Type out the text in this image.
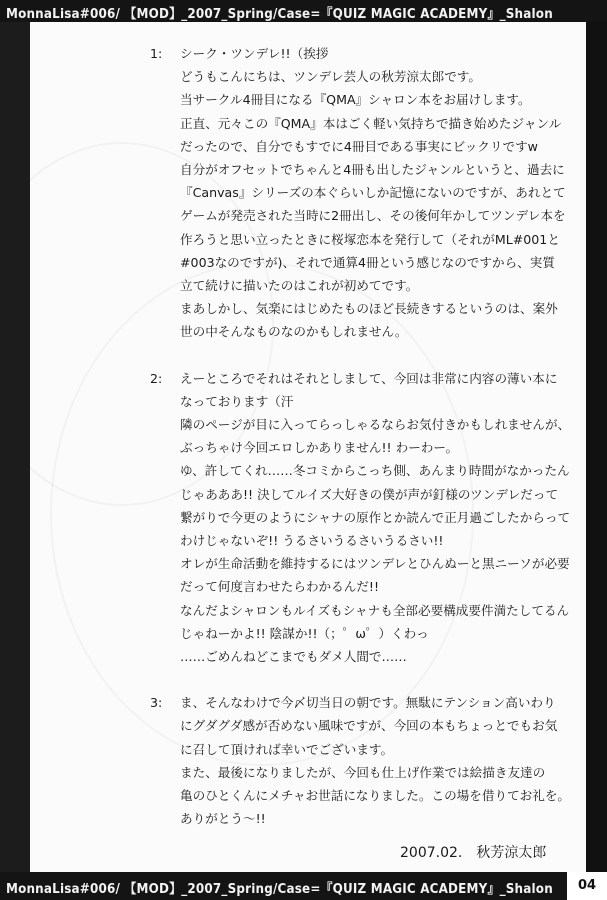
MonnaLisa#006/ 【MOD】_2007_Spring/Case=『QUIZ MAGIC ACADEMY』_Shalon
1:	シーク・ツンデレ!!（挨拶
どうもこんにちは、ツンデレ芸人の秋芳涼太郎です。
当サークル4冊目になる『QMA』シャロン本をお届けします。
正直、元々この『QMA』本はごく軽い気持ちで描き始めたジャンル
だったので、自分でもすでに4冊目である事実にビックリですw
自分がオフセットでちゃんと4冊も出したジャンルというと、過去に
『Canvas』シリーズの本ぐらいしか記憶にないのですが、あれとて
ゲームが発売された当時に2冊出し、その後何年かしてツンデレ本を
作ろうと思い立ったときに桜塚恋本を発行して（それがML#001と
#003なのですが)、それで通算4冊という感じなのですから、実質
立て続けに描いたのはこれが初めてです。
まあしかし、気楽にはじめたものほど長続きするというのは、案外
世の中そんなものなのかもしれません。
2:	えーところでそれはそれとしまして、今回は非常に内容の薄い本に
なっております（汗
隣のページが目に入ってらっしゃるならお気付きかもしれませんが、
ぶっちゃけ今回エロしかありません!! わーわー。
ゆ、許してくれ……冬コミからこっち側、あんまり時間がなかったん
じゃあああ!! 決してルイズ大好きの僕が声が釘様のツンデレだって
繋がりで今更のようにシャナの原作とか読んで正月過ごしたからって
わけじゃないぞ!! うるさいうるさいうるさい!!
オレが生命活動を維持するにはツンデレとひんぬーと黒ニーソが必要
だって何度言わせたらわかるんだ!!
なんだよシャロンもルイズもシャナも全部必要構成要件満たしてるん
じゃねーかよ!! 陰謀か!!（；゜ω゜）くわっ
……ごめんねどこまでもダメ人間で……
3:	ま、そんなわけで今〆切当日の朝です。無駄にテンション高いわり
にグダグダ感が否めない風味ですが、今回の本もちょっとでもお気
に召して頂ければ幸いでございます。
また、最後になりましたが、今回も仕上げ作業では絵描き友達の
亀のひとくんにメチャお世話になりました。この場を借りてお礼を。
ありがとう〜!!
2007.02.　秋芳涼太郎
MonnaLisa#006/ 【MOD】_2007_Spring/Case=『QUIZ MAGIC ACADEMY』_Shalon	04
